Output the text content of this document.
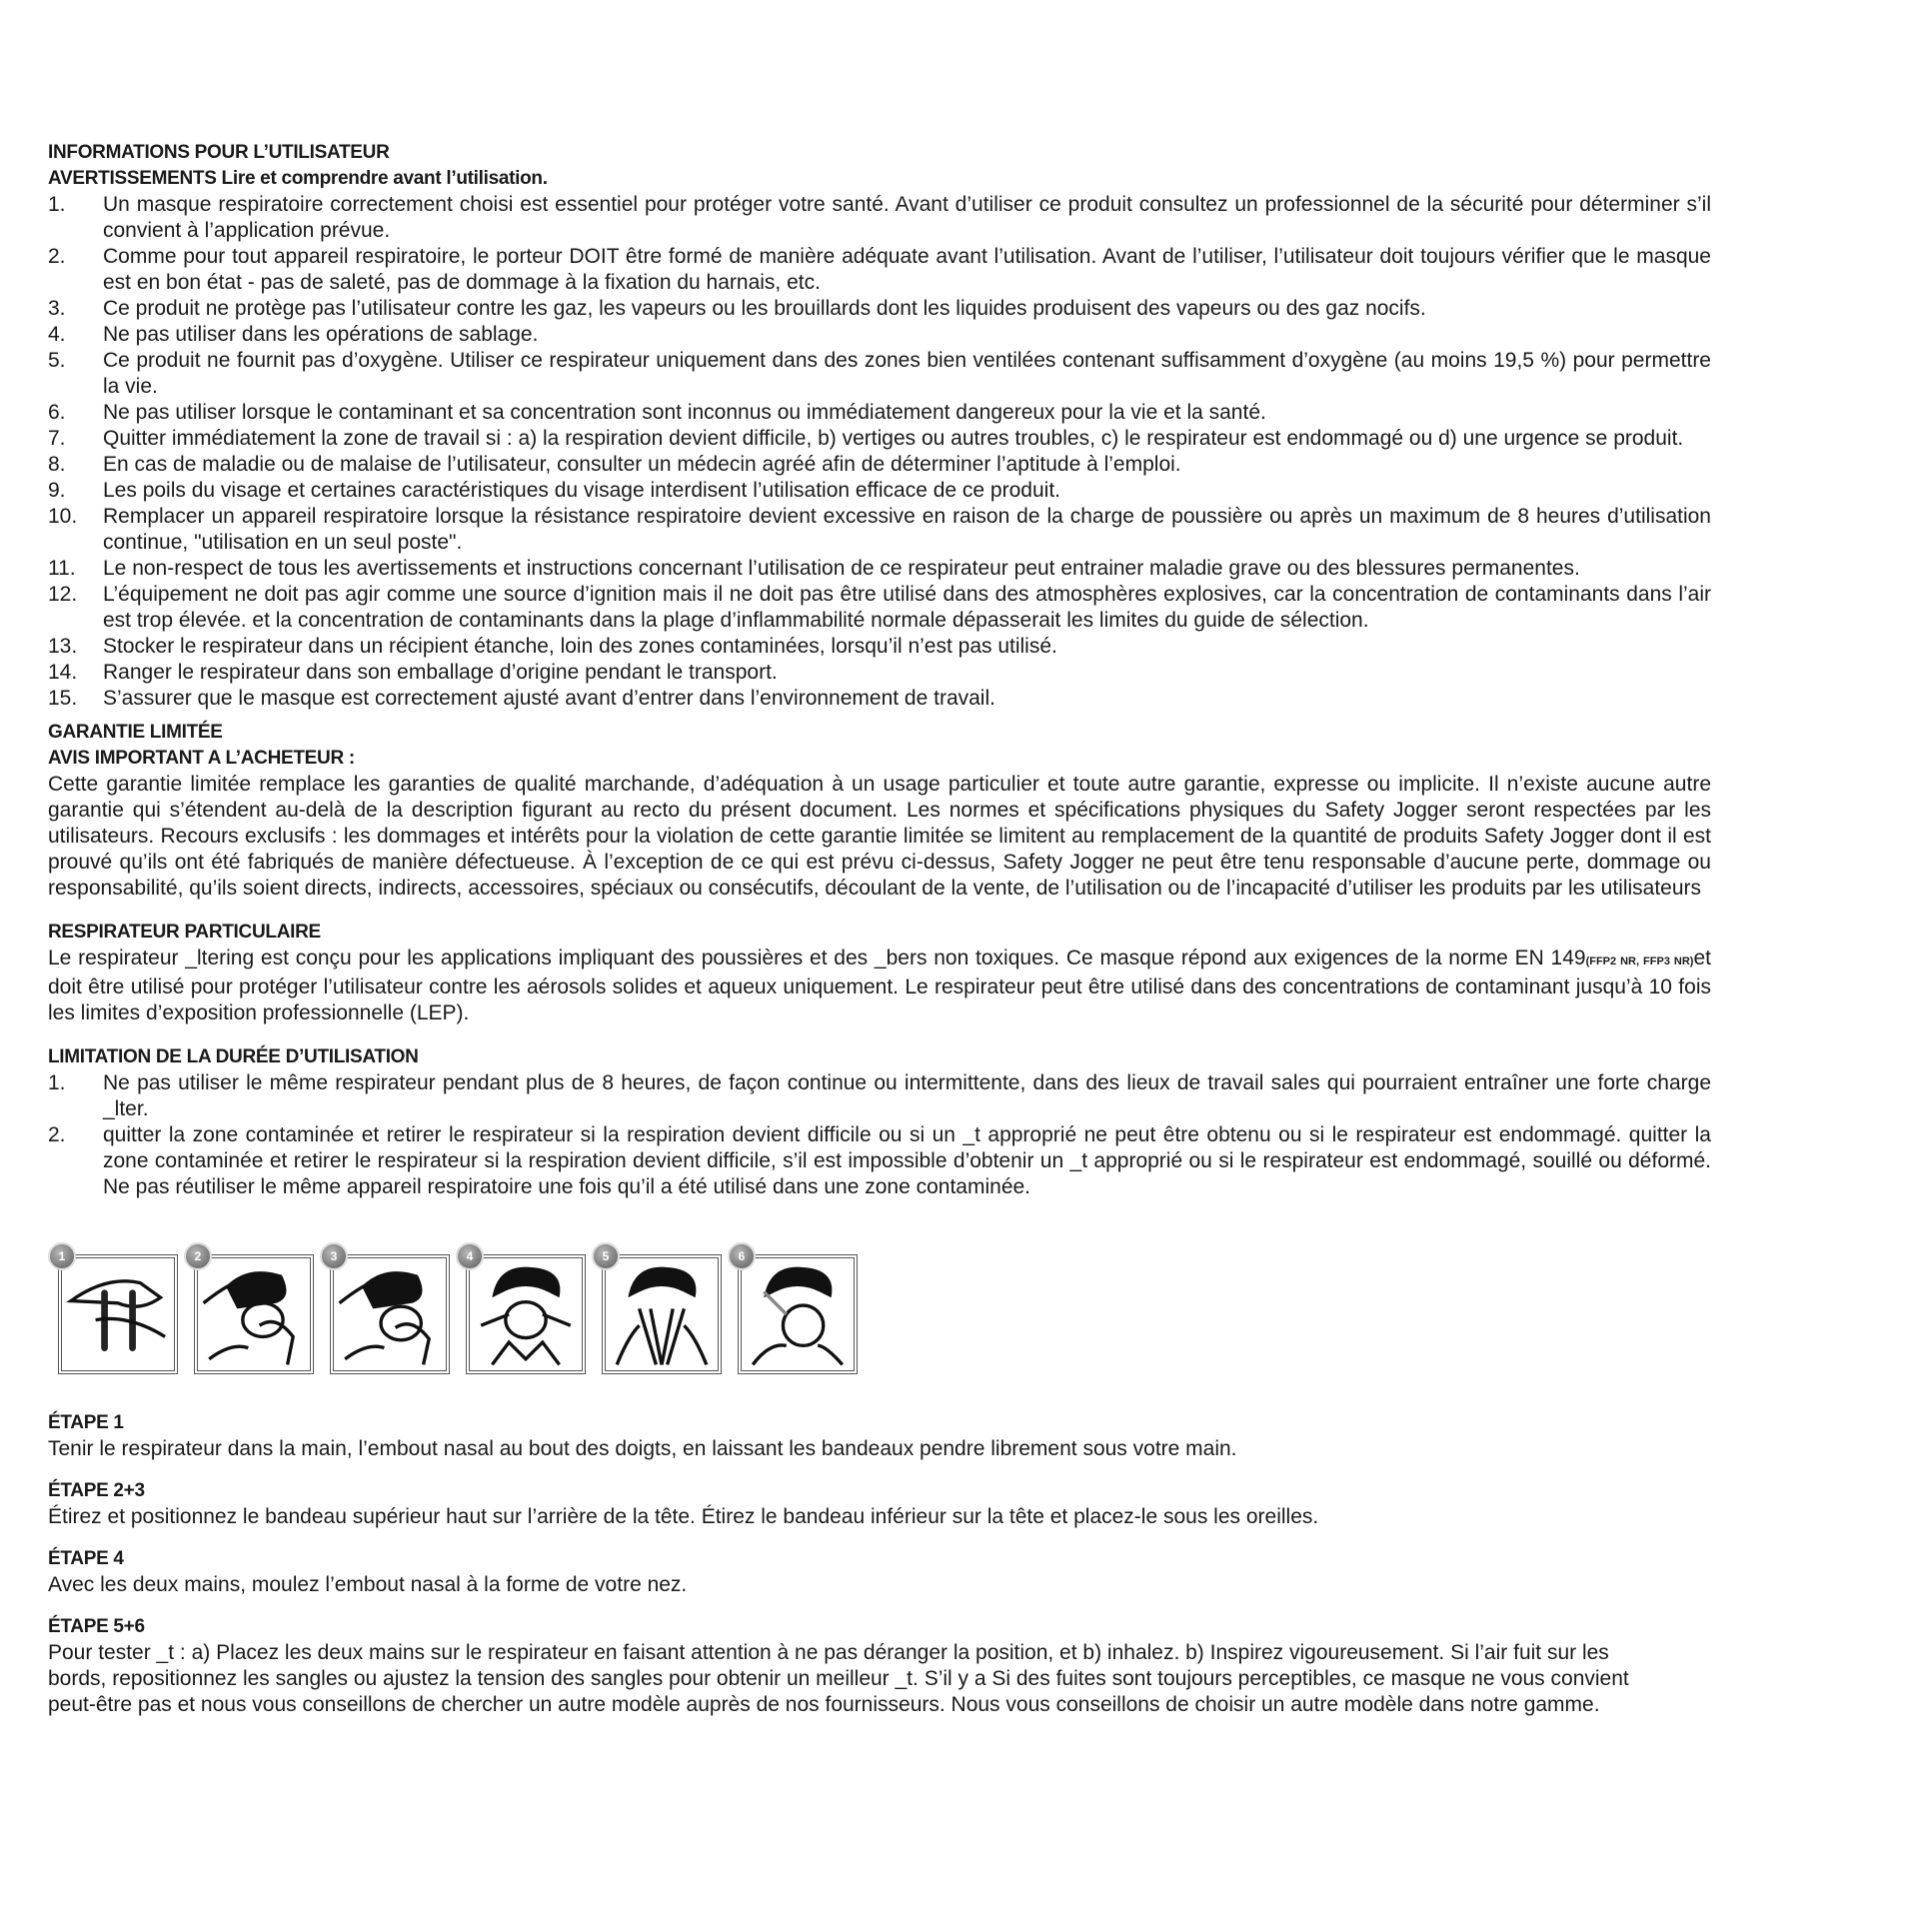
INFORMATIONS POUR L’UTILISATEUR
AVERTISSEMENTS Lire et comprendre avant l’utilisation.
1. Un masque respiratoire correctement choisi est essentiel pour protéger votre santé. Avant d’utiliser ce produit consultez un professionnel de la sécurité pour déterminer s’il convient à l’application prévue.
2. Comme pour tout appareil respiratoire, le porteur DOIT être formé de manière adéquate avant l’utilisation. Avant de l’utiliser, l’utilisateur doit toujours vérifier que le masque est en bon état - pas de saleté, pas de dommage à la fixation du harnais, etc.
3. Ce produit ne protège pas l’utilisateur contre les gaz, les vapeurs ou les brouillards dont les liquides produisent des vapeurs ou des gaz nocifs.
4. Ne pas utiliser dans les opérations de sablage.
5. Ce produit ne fournit pas d’oxygène. Utiliser ce respirateur uniquement dans des zones bien ventilées contenant suffisamment d’oxygène (au moins 19,5 %) pour permettre la vie.
6. Ne pas utiliser lorsque le contaminant et sa concentration sont inconnus ou immédiatement dangereux pour la vie et la santé.
7. Quitter immédiatement la zone de travail si : a) la respiration devient difficile, b) vertiges ou autres troubles, c) le respirateur est endommagé ou d) une urgence se produit.
8. En cas de maladie ou de malaise de l’utilisateur, consulter un médecin agréé afin de déterminer l’aptitude à l’emploi.
9. Les poils du visage et certaines caractéristiques du visage interdisent l’utilisation efficace de ce produit.
10. Remplacer un appareil respiratoire lorsque la résistance respiratoire devient excessive en raison de la charge de poussière ou après un maximum de 8 heures d’utilisation continue, "utilisation en un seul poste".
11. Le non-respect de tous les avertissements et instructions concernant l’utilisation de ce respirateur peut entrainer maladie grave ou des blessures permanentes.
12. L’équipement ne doit pas agir comme une source d’ignition mais il ne doit pas être utilisé dans des atmosphères explosives, car la concentration de contaminants dans l’air est trop élevée. et la concentration de contaminants dans la plage d’inflammabilité normale dépasserait les limites du guide de sélection.
13. Stocker le respirateur dans un récipient étanche, loin des zones contaminées, lorsqu’il n’est pas utilisé.
14. Ranger le respirateur dans son emballage d’origine pendant le transport.
15. S’assurer que le masque est correctement ajusté avant d’entrer dans l’environnement de travail.
GARANTIE LIMITÉE
AVIS IMPORTANT A L’ACHETEUR :

Cette garantie limitée remplace les garanties de qualité marchande, d’adéquation à un usage particulier et toute autre garantie, expresse ou implicite. Il n’existe aucune autre garantie qui s’étendent au-delà de la description figurant au recto du présent document. Les normes et spécifications physiques du Safety Jogger seront respectées par les utilisateurs. Recours exclusifs : les dommages et intérêts pour la violation de cette garantie limitée se limitent au remplacement de la quantité de produits Safety Jogger dont il est prouvé qu’ils ont été fabriqués de manière défectueuse. À l’exception de ce qui est prévu ci-dessus, Safety Jogger ne peut être tenu responsable d’aucune perte, dommage ou responsabilité, qu’ils soient directs, indirects, accessoires, spéciaux ou consécutifs, découlant de la vente, de l’utilisation ou de l’incapacité d’utiliser les produits par les utilisateurs

RESPIRATEUR PARTICULAIRE

Le respirateur _ltering est conçu pour les applications impliquant des poussières et des _bers non toxiques. Ce masque répond aux exigences de la norme EN 149(FFP2 NR, FFP3 NR)et doit être utilisé pour protéger l’utilisateur contre les aérosols solides et aqueux uniquement. Le respirateur peut être utilisé dans des concentrations de contaminant jusqu’à 10 fois les limites d’exposition professionnelle (LEP).

LIMITATION DE LA DURÉE D’UTILISATION
1. Ne pas utiliser le même respirateur pendant plus de 8 heures, de façon continue ou intermittente, dans des lieux de travail sales qui pourraient entraîner une forte charge _lter.
2. quitter la zone contaminée et retirer le respirateur si la respiration devient difficile ou si un _t approprié ne peut être obtenu ou si le respirateur est endommagé. quitter la zone contaminée et retirer le respirateur si la respiration devient difficile, s’il est impossible d’obtenir un _t approprié ou si le respirateur est endommagé, souillé ou déformé. Ne pas réutiliser le même appareil respiratoire une fois qu’il a été utilisé dans une zone contaminée.
1	2	3	4	5	6
ÉTAPE 1

Tenir le respirateur dans la main, l’embout nasal au bout des doigts, en laissant les bandeaux pendre librement sous votre main.

ÉTAPE 2+3

Étirez et positionnez le bandeau supérieur haut sur l’arrière de la tête. Étirez le bandeau inférieur sur la tête et placez-le sous les oreilles.

ÉTAPE 4

Avec les deux mains, moulez l’embout nasal à la forme de votre nez.

ÉTAPE 5+6

Pour tester _t : a) Placez les deux mains sur le respirateur en faisant attention à ne pas déranger la position, et b) inhalez. b) Inspirez vigoureusement. Si l’air fuit sur les bords, repositionnez les sangles ou ajustez la tension des sangles pour obtenir un meilleur _t. S’il y a Si des fuites sont toujours perceptibles, ce masque ne vous convient peut-être pas et nous vous conseillons de chercher un autre modèle auprès de nos fournisseurs. Nous vous conseillons de choisir un autre modèle dans notre gamme.
